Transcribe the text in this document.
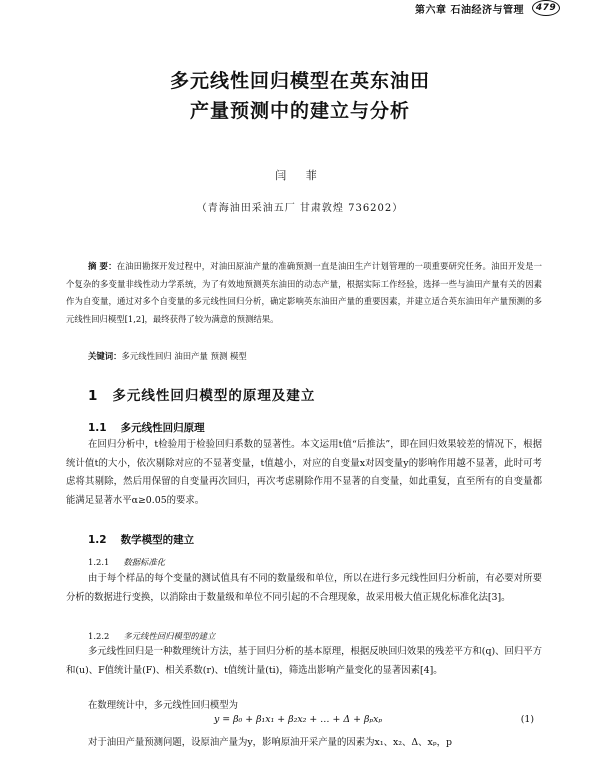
第六章 石油经济与管理	479
多元线性回归模型在英东油田
产量预测中的建立与分析
闫 菲
（青海油田采油五厂 甘肃敦煌 736202）
摘 要 ： 在油田勘探开发过程中，对油田原油产量的准确预测一直是油田生产计划管理的一项重要研究任务。油田开发是一个复杂的多变量非线性动力学系统，为了有效地预测英东油田的动态产量，根据实际工作经验，选择一些与油田产量有关的因素作为自变量，通过对多个自变量的多元线性回归分析，确定影响英东油田产量的重要因素，并建立适合英东油田年产量预测的多元线性回归模型[1,2]，最终获得了较为满意的预测结果。
关键词 ： 多元线性回归 油田产量 预测 模型
1 多元线性回归模型的原理及建立
1.1 多元线性回归原理

在回归分析中，t检验用于检验回归系数的显著性。本文运用t值“后推法”，即在回归效果较差的情况下，根据统计值t的大小，依次剔除对应的不显著变量，t值越小，对应的自变量x对因变量y的影响作用越不显著，此时可考虑将其剔除，然后用保留的自变量再次回归，再次考虑剔除作用不显著的自变量，如此重复，直至所有的自变量都能满足显著水平α≥0.05的要求。

1.2 数学模型的建立
1.2.1 数据标准化

由于每个样品的每个变量的测试值具有不同的数量级和单位，所以在进行多元线性回归分析前，有必要对所要分析的数据进行变换，以消除由于数量级和单位不同引起的不合理现象，故采用极大值正规化标准化法[3]。

1.2.2 多元线性回归模型的建立

多元线性回归是一种数理统计方法，基于回归分析的基本原理，根据反映回归效果的残差平方和(q)、回归平方和(u)、F值统计量(F)、相关系数(r)、t值统计量(ti)，筛选出影响产量变化的显著因素[4]。

在数理统计中，多元线性回归模型为

y = β₀ + β₁x₁ + β₂x₂ + … + Δ + βₚxₚ	(1)

对于油田产量预测问题，设原油产量为y，影响原油开采产量的因素为x₁、x₂、Δ、xₚ，p
